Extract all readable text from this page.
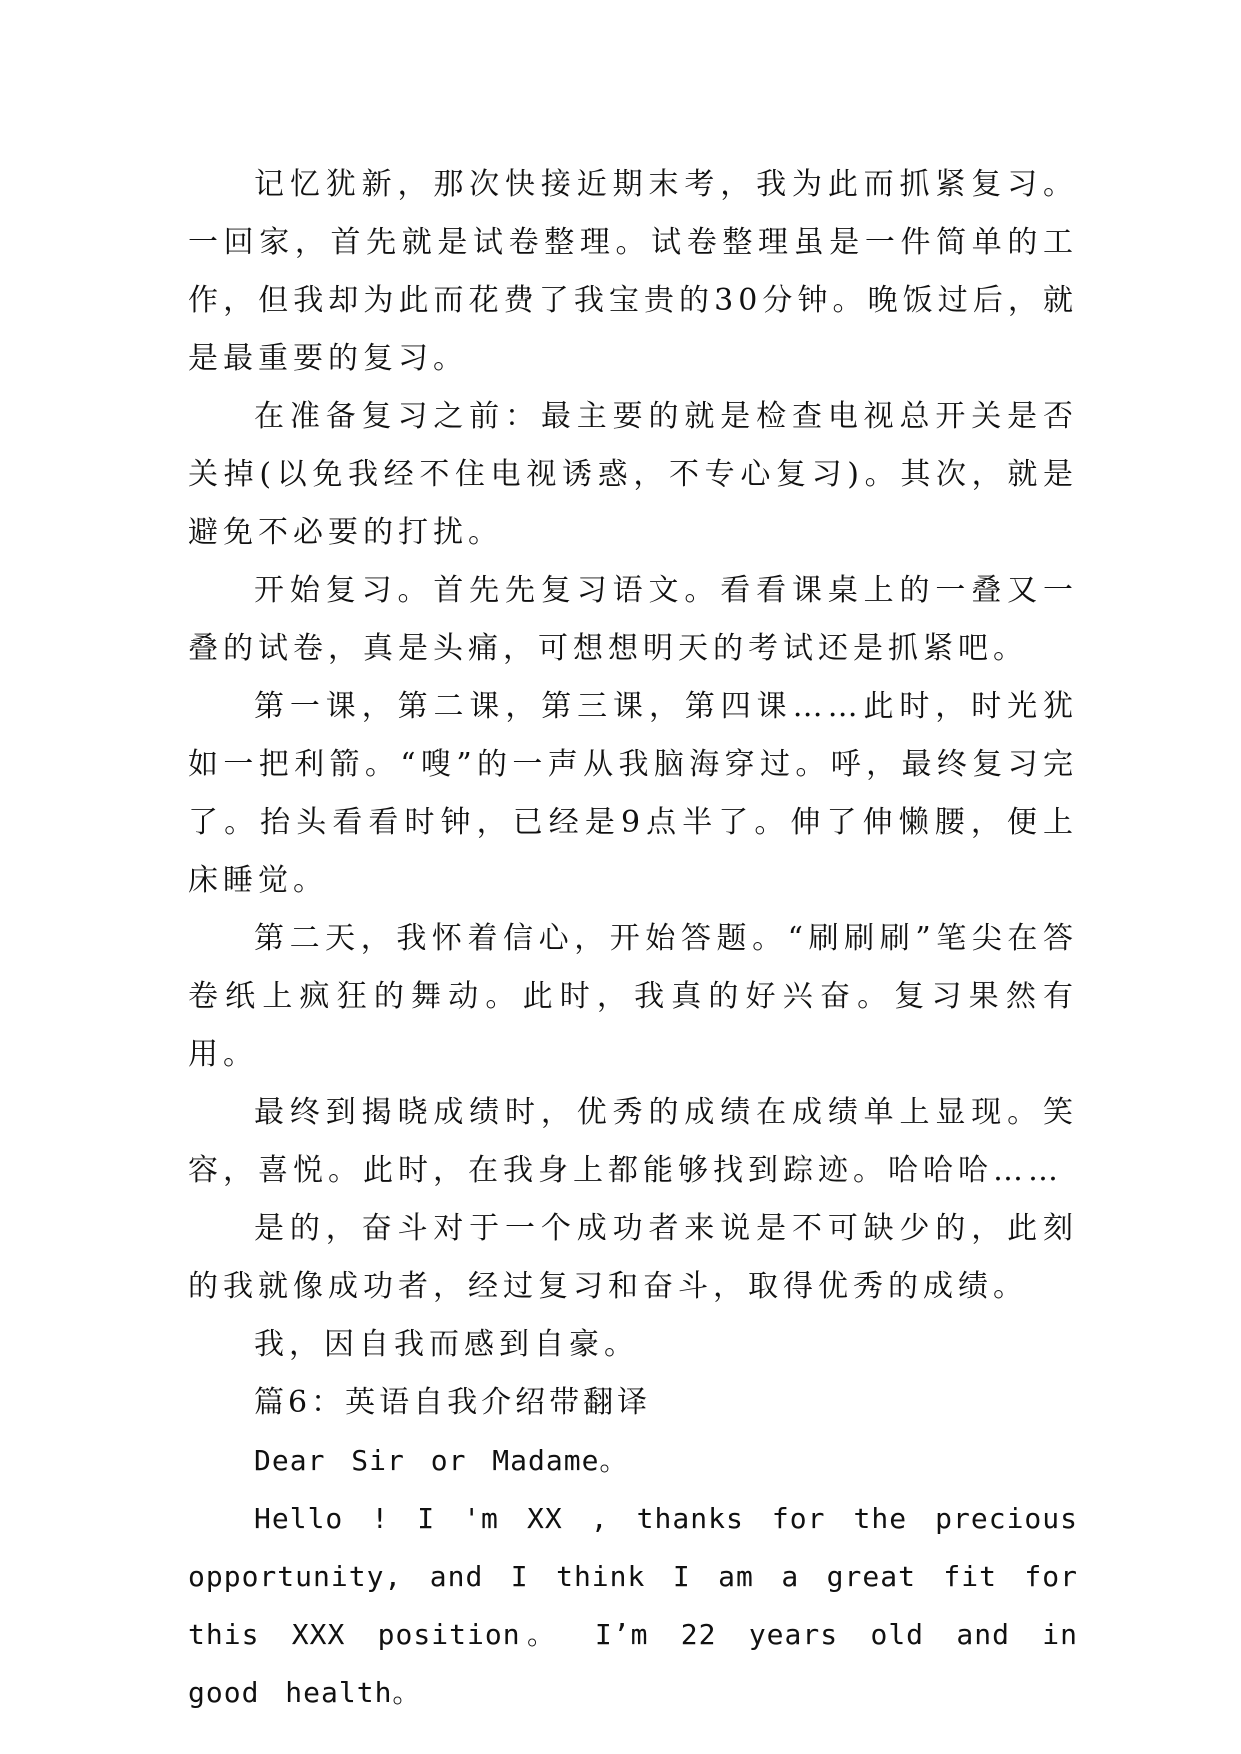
记忆犹新，那次快接近期末考，我为此而抓紧复习。一回家，首先就是试卷整理。试卷整理虽是一件简单的工作，但我却为此而花费了我宝贵的30分钟。晚饭过后，就是最重要的复习。

在准备复习之前：最主要的就是检查电视总开关是否关掉(以免我经不住电视诱惑，不专心复习)。其次，就是避免不必要的打扰。

开始复习。首先先复习语文。看看课桌上的一叠又一叠的试卷，真是头痛，可想想明天的考试还是抓紧吧。

第一课，第二课，第三课，第四课……此时，时光犹如一把利箭。“嗖”的一声从我脑海穿过。呼，最终复习完了。抬头看看时钟，已经是9点半了。伸了伸懒腰，便上床睡觉。

第二天，我怀着信心，开始答题。“刷刷刷”笔尖在答卷纸上疯狂的舞动。此时，我真的好兴奋。复习果然有用。

最终到揭晓成绩时，优秀的成绩在成绩单上显现。笑容，喜悦。此时，在我身上都能够找到踪迹。哈哈哈……

是的，奋斗对于一个成功者来说是不可缺少的，此刻的我就像成功者，经过复习和奋斗，取得优秀的成绩。

我，因自我而感到自豪。

篇6：英语自我介绍带翻译

Dear Sir or Madame。

Hello ! I 'm XX , thanks for the precious opportunity, and I think I am a great fit for this XXX position。 I’m 22 years old and in good health。
